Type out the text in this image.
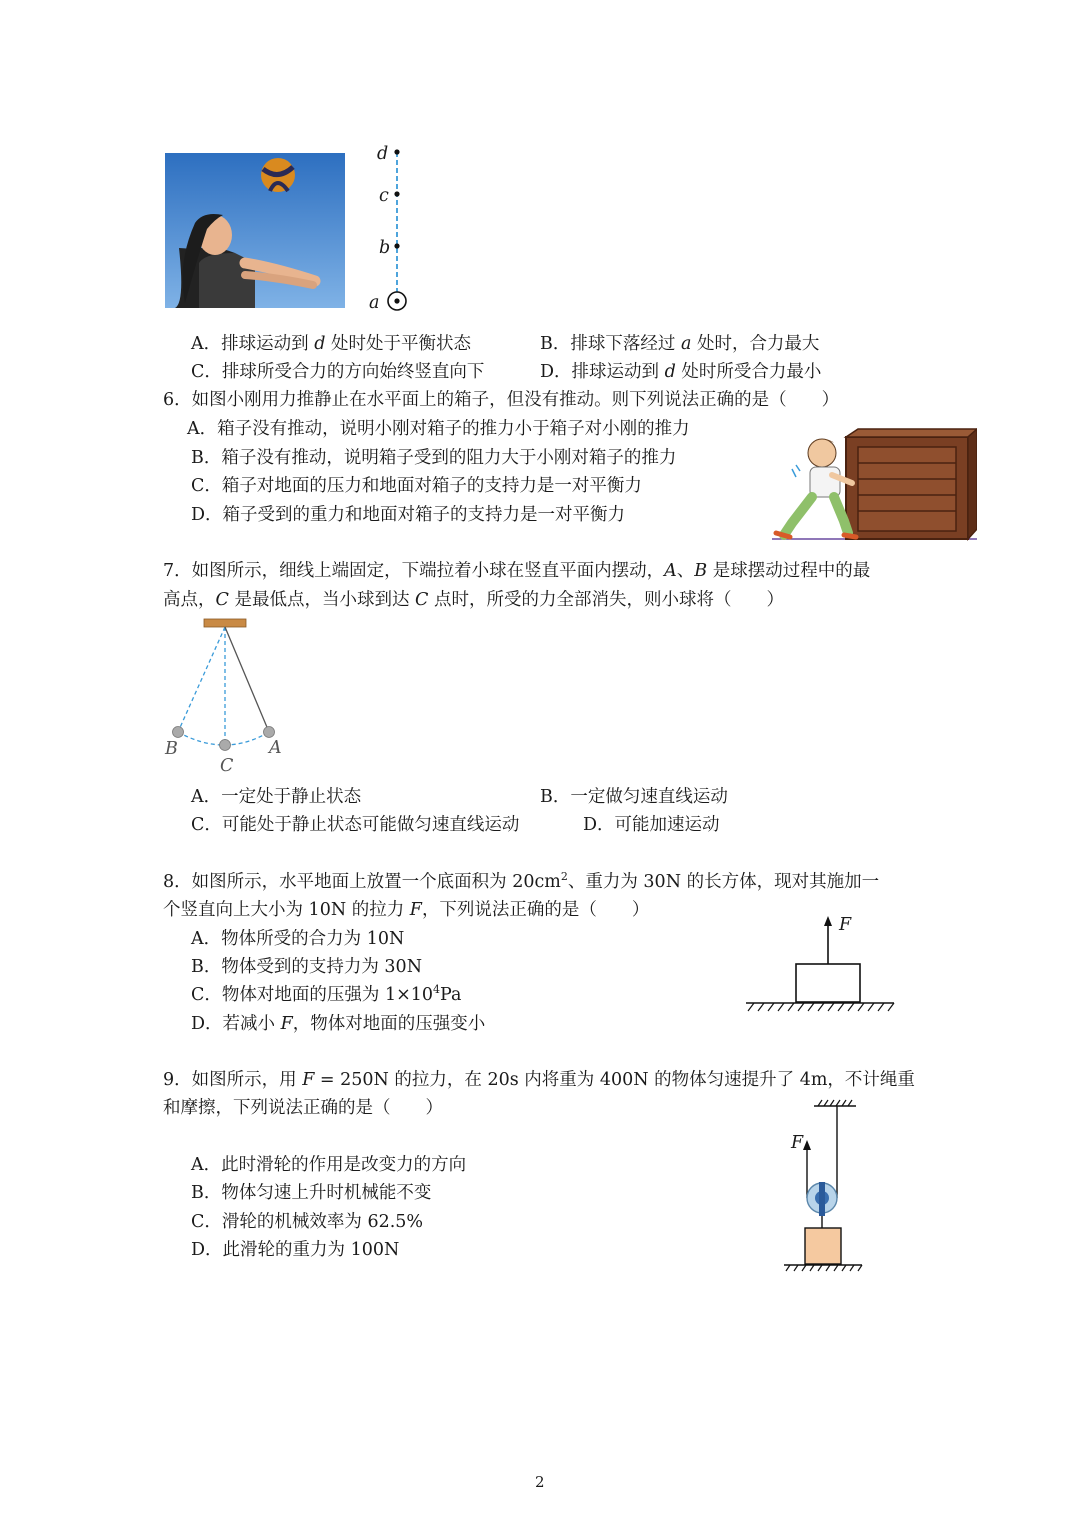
d
c
b
a
A．排球运动到 d 处时处于平衡状态	B．排球下落经过 a 处时，合力最大
C．排球所受合力的方向始终竖直向下	D．排球运动到 d 处时所受合力最小
6．如图小刚用力推静止在水平面上的箱子，但没有推动。则下列说法正确的是（　　）
A．箱子没有推动，说明小刚对箱子的推力小于箱子对小刚的推力
B．箱子没有推动，说明箱子受到的阻力大于小刚对箱子的推力
C．箱子对地面的压力和地面对箱子的支持力是一对平衡力
D．箱子受到的重力和地面对箱子的支持力是一对平衡力
7．如图所示，细线上端固定，下端拉着小球在竖直平面内摆动，A、B 是球摆动过程中的最
高点，C 是最低点，当小球到达 C 点时，所受的力全部消失，则小球将（　　）
B
C
A
A．一定处于静止状态	B．一定做匀速直线运动
C．可能处于静止状态可能做匀速直线运动	D．可能加速运动
8．如图所示，水平地面上放置一个底面积为 $20cm^2$、重力为 30N 的长方体，现对其施加一
个竖直向上大小为 10N 的拉力 F，下列说法正确的是（　　）
A．物体所受的合力为 10N
B．物体受到的支持力为 30N
C．物体对地面的压强为 $1\times 10^4Pa$
D．若减小 F，物体对地面的压强变小
F
9．如图所示，用 F = 250N 的拉力，在 20s 内将重为 400N 的物体匀速提升了 4m，不计绳重
和摩擦，下列说法正确的是（　　）
A．此时滑轮的作用是改变力的方向
B．物体匀速上升时机械能不变
C．滑轮的机械效率为 62.5%
D．此滑轮的重力为 100N
F
2
